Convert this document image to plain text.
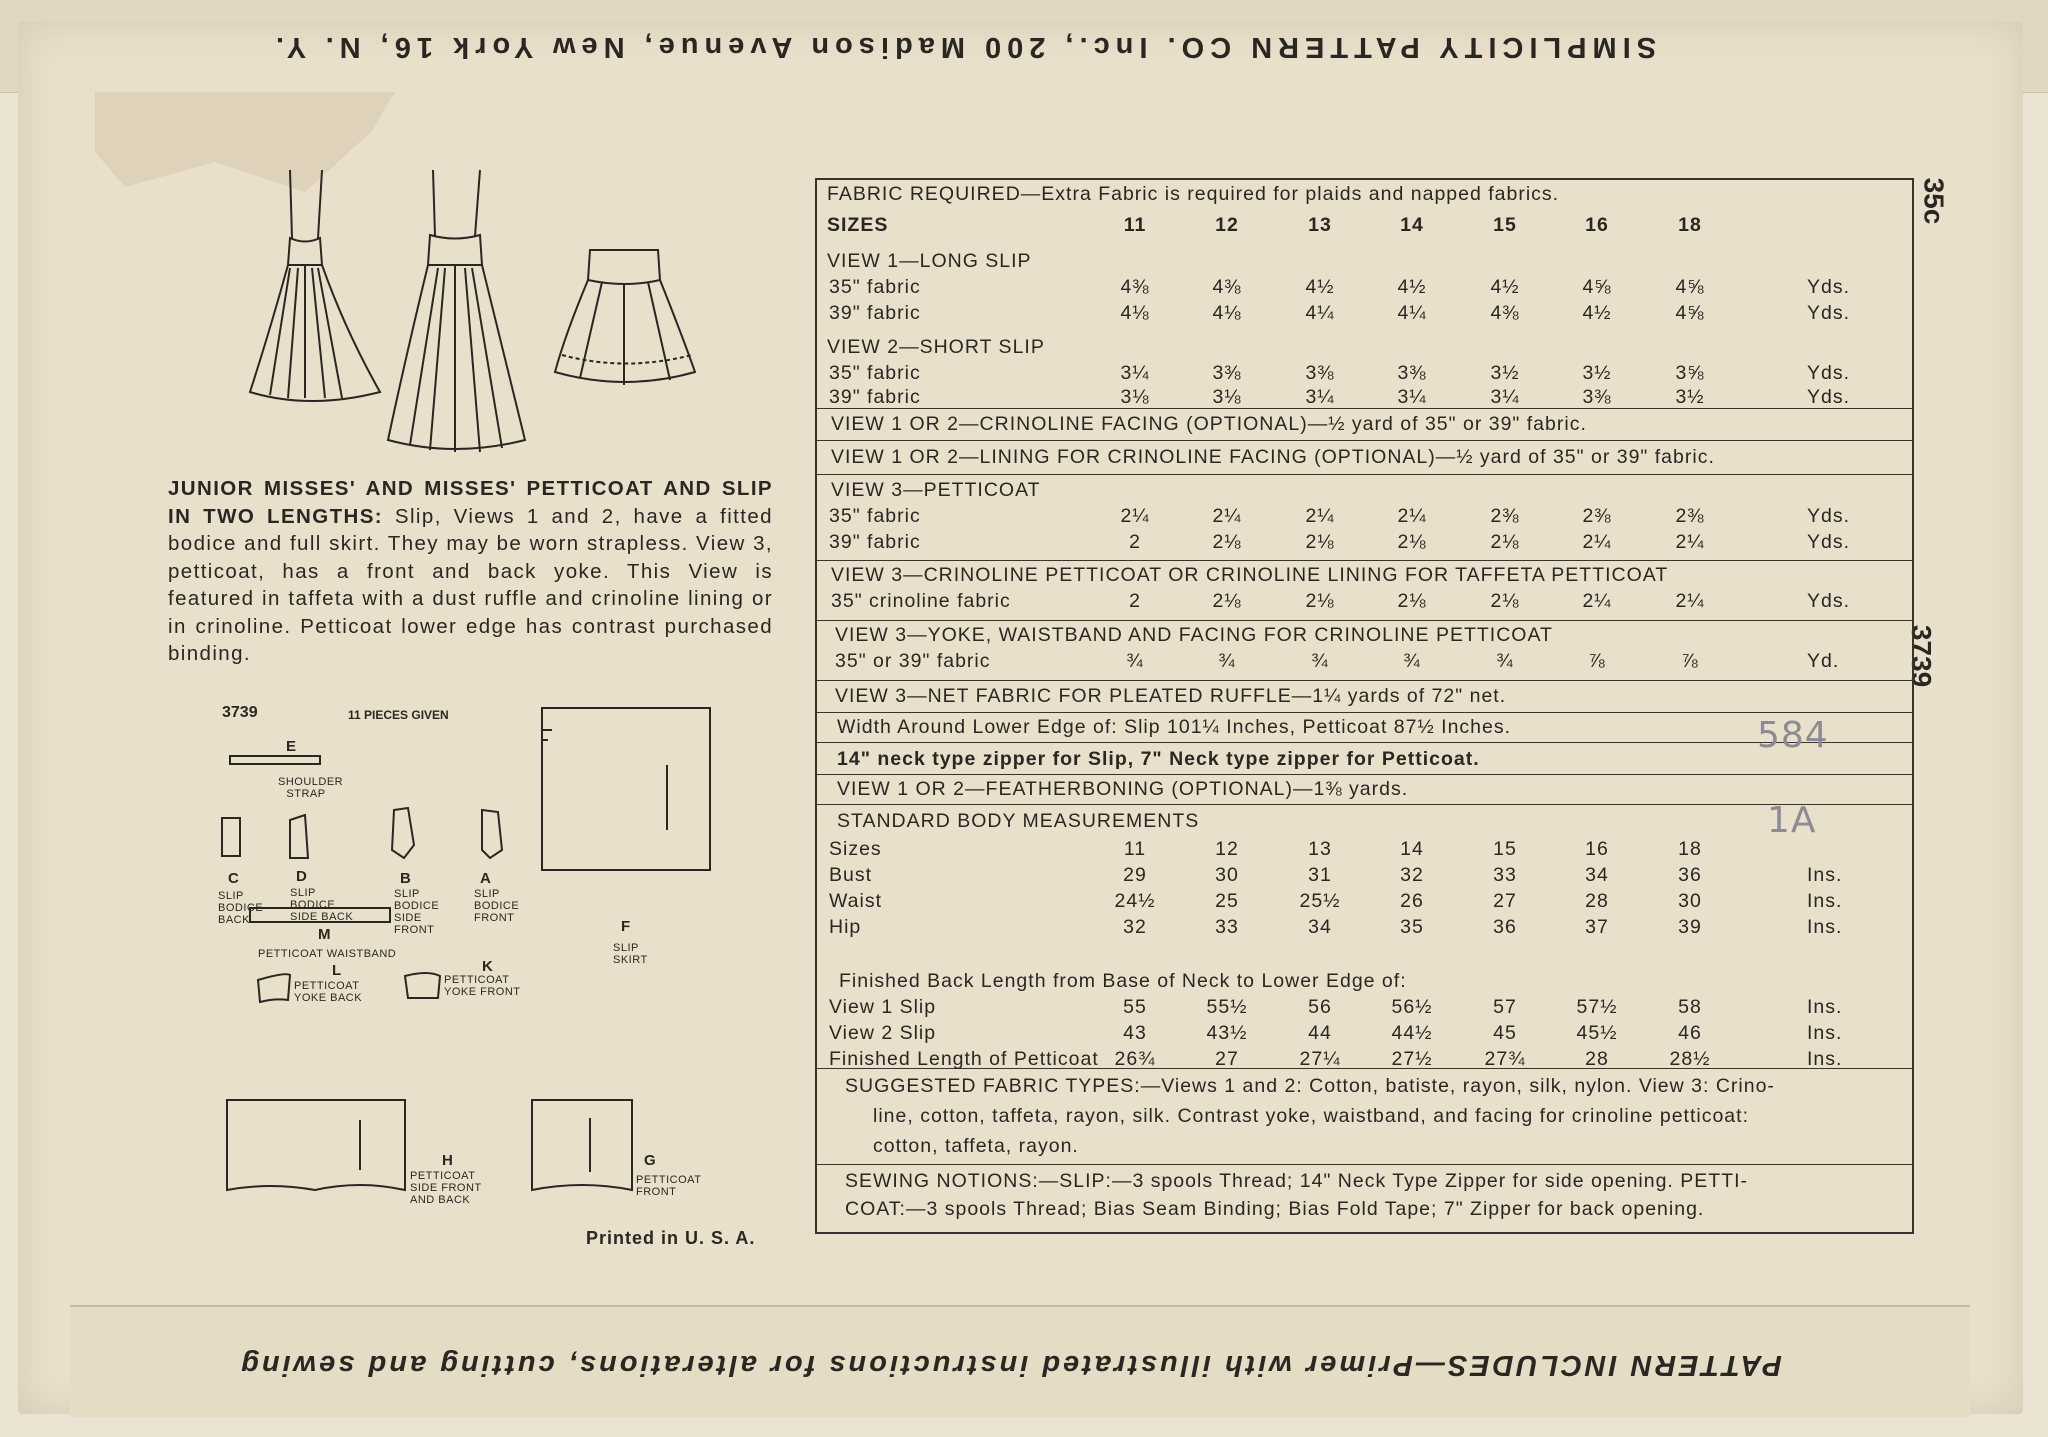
SIMPLICITY PATTERN CO. Inc., 200 Madison Avenue, New York 16, N. Y.
PATTERN INCLUDES—Primer with illustrated instructions for alterations, cutting and sewing
35c
3739
JUNIOR MISSES' AND MISSES' PETTICOAT AND SLIP IN TWO LENGTHS: Slip, Views 1 and 2, have a fitted bodice and full skirt. They may be worn strapless. View 3, petticoat, has a front and back yoke. This View is featured in taffeta with a dust ruffle and crinoline lining or in crinoline. Petticoat lower edge has contrast purchased binding.
3739	11 PIECES GIVEN
E
SHOULDER STRAP
C
SLIP BODICE BACK
D
SLIP BODICE SIDE BACK
B
SLIP BODICE SIDE FRONT
A
SLIP BODICE FRONT	F
SLIP SKIRT
M
PETTICOAT WAISTBAND
L
PETTICOAT YOKE BACK
K
PETTICOAT YOKE FRONT
H
PETTICOAT SIDE FRONT AND BACK
G
PETTICOAT FRONT
Printed in U. S. A.
FABRIC REQUIRED—Extra Fabric is required for plaids and napped fabrics.
SIZES	11	12	13	14	15	16	18
VIEW 1—LONG SLIP
35" fabric	4⅜	4⅜	4½	4½	4½	4⅝	4⅝	Yds.
39" fabric	4⅛	4⅛	4¼	4¼	4⅜	4½	4⅝	Yds.
VIEW 2—SHORT SLIP
35" fabric	3¼	3⅜	3⅜	3⅜	3½	3½	3⅝	Yds.
39" fabric	3⅛	3⅛	3¼	3¼	3¼	3⅜	3½	Yds.
VIEW 1 OR 2—CRINOLINE FACING (OPTIONAL)—½ yard of 35" or 39" fabric.
VIEW 1 OR 2—LINING FOR CRINOLINE FACING (OPTIONAL)—½ yard of 35" or 39" fabric.
VIEW 3—PETTICOAT
35" fabric	2¼	2¼	2¼	2¼	2⅜	2⅜	2⅜	Yds.
39" fabric	2	2⅛	2⅛	2⅛	2⅛	2¼	2¼	Yds.
VIEW 3—CRINOLINE PETTICOAT OR CRINOLINE LINING FOR TAFFETA PETTICOAT
35" crinoline fabric	2	2⅛	2⅛	2⅛	2⅛	2¼	2¼	Yds.
VIEW 3—YOKE, WAISTBAND AND FACING FOR CRINOLINE PETTICOAT
35" or 39" fabric	¾	¾	¾	¾	¾	⅞	⅞	Yd.
VIEW 3—NET FABRIC FOR PLEATED RUFFLE—1¼ yards of 72" net.
Width Around Lower Edge of: Slip 101¼ Inches, Petticoat 87½ Inches.
14" neck type zipper for Slip, 7" Neck type zipper for Petticoat.
VIEW 1 OR 2—FEATHERBONING (OPTIONAL)—1⅜ yards.
584
1A
STANDARD BODY MEASUREMENTS
Sizes	11	12	13	14	15	16	18
Bust	29	30	31	32	33	34	36	Ins.
Waist	24½	25	25½	26	27	28	30	Ins.
Hip	32	33	34	35	36	37	39	Ins.
Finished Back Length from Base of Neck to Lower Edge of:
View 1 Slip	55	55½	56	56½	57	57½	58	Ins.
View 2 Slip	43	43½	44	44½	45	45½	46	Ins.
Finished Length of Petticoat 26¾	27	27¼	27½	27¾	28	28½	Ins.
SUGGESTED FABRIC TYPES:—Views 1 and 2: Cotton, batiste, rayon, silk, nylon. View 3: Crino-
line, cotton, taffeta, rayon, silk. Contrast yoke, waistband, and facing for crinoline petticoat:
cotton, taffeta, rayon.
SEWING NOTIONS:—SLIP:—3 spools Thread; 14" Neck Type Zipper for side opening. PETTI-
COAT:—3 spools Thread; Bias Seam Binding; Bias Fold Tape; 7" Zipper for back opening.
